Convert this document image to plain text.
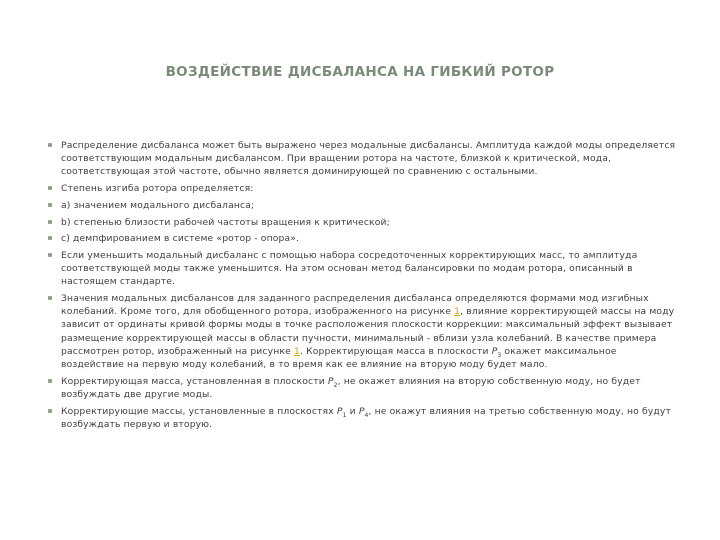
ВОЗДЕЙСТВИЕ ДИСБАЛАНСА НА ГИБКИЙ РОТОР
Распределение дисбаланса может быть выражено через модальные дисбалансы. Амплитуда каждой моды определяется соответствующим модальным дисбалансом. При вращении ротора на частоте, близкой к критической, мода, соответствующая этой частоте, обычно является доминирующей по сравнению с остальными.
Степень изгиба ротора определяется:
a) значением модального дисбаланса;
b) степенью близости рабочей частоты вращения к критической;
c) демпфированием в системе «ротор - опора».
Если уменьшить модальный дисбаланс с помощью набора сосредоточенных корректирующих масс, то амплитуда соответствующей моды также уменьшится. На этом основан метод балансировки по модам ротора, описанный в настоящем стандарте.
Значения модальных дисбалансов для заданного распределения дисбаланса определяются формами мод изгибных колебаний. Кроме того, для обобщенного ротора, изображенного на рисунке 1, влияние корректирующей массы на моду зависит от ординаты кривой формы моды в точке расположения плоскости коррекции: максимальный эффект вызывает размещение корректирующей массы в области пучности, минимальный - вблизи узла колебаний. В качестве примера рассмотрен ротор, изображенный на рисунке 1. Корректирующая масса в плоскости $P_3$ окажет максимальное воздействие на первую моду колебаний, в то время как ее влияние на вторую моду будет мало.
Корректирующая масса, установленная в плоскости $P_2$, не окажет влияния на вторую собственную моду, но будет возбуждать две другие моды.
Корректирующие массы, установленные в плоскостях $P_1$ и $P_4$, не окажут влияния на третью собственную моду, но будут возбуждать первую и вторую.
